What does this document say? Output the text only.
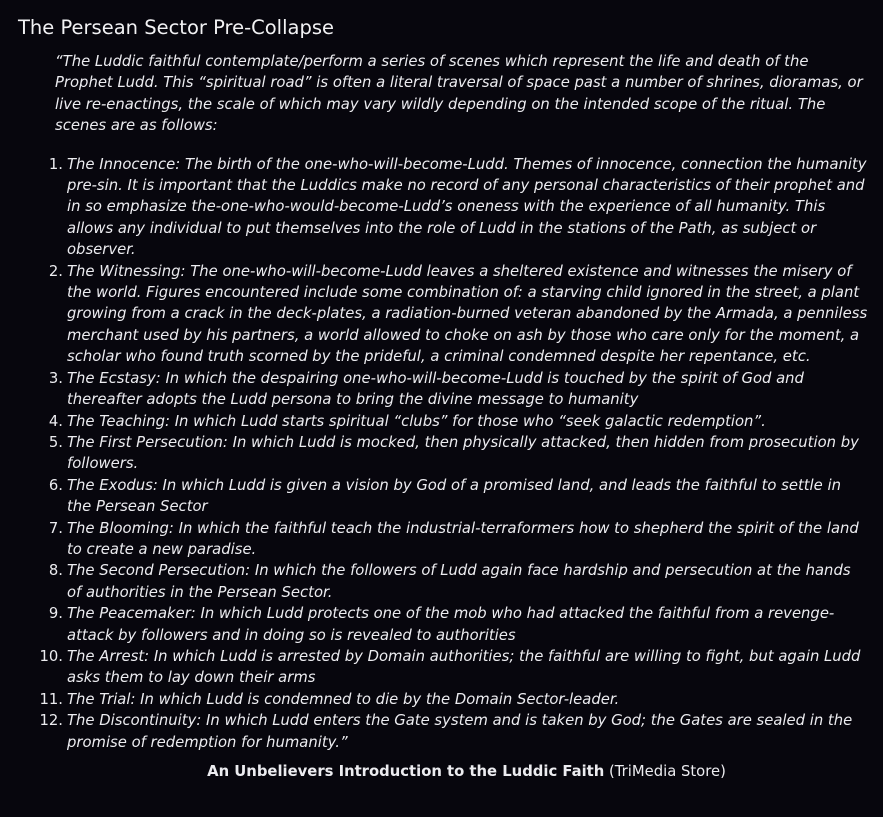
The Persean Sector Pre-Collapse

“The Luddic faithful contemplate/perform a series of scenes which represent the life and death of the Prophet Ludd. This “spiritual road” is often a literal traversal of space past a number of shrines, dioramas, or live re-enactings, the scale of which may vary wildly depending on the intended scope of the ritual. The scenes are as follows:

1. The Innocence: The birth of the one-who-will-become-Ludd. Themes of innocence, connection the humanity pre-sin. It is important that the Luddics make no record of any personal characteristics of their prophet and in so emphasize the-one-who-would-become-Ludd’s oneness with the experience of all humanity. This allows any individual to put themselves into the role of Ludd in the stations of the Path, as subject or observer.
2. The Witnessing: The one-who-will-become-Ludd leaves a sheltered existence and witnesses the misery of the world. Figures encountered include some combination of: a starving child ignored in the street, a plant growing from a crack in the deck-plates, a radiation-burned veteran abandoned by the Armada, a penniless merchant used by his partners, a world allowed to choke on ash by those who care only for the moment, a scholar who found truth scorned by the prideful, a criminal condemned despite her repentance, etc.
3. The Ecstasy: In which the despairing one-who-will-become-Ludd is touched by the spirit of God and thereafter adopts the Ludd persona to bring the divine message to humanity
4. The Teaching: In which Ludd starts spiritual “clubs” for those who “seek galactic redemption”.
5. The First Persecution: In which Ludd is mocked, then physically attacked, then hidden from prosecution by followers.
6. The Exodus: In which Ludd is given a vision by God of a promised land, and leads the faithful to settle in the Persean Sector
7. The Blooming: In which the faithful teach the industrial-terraformers how to shepherd the spirit of the land to create a new paradise.
8. The Second Persecution: In which the followers of Ludd again face hardship and persecution at the hands of authorities in the Persean Sector.
9. The Peacemaker: In which Ludd protects one of the mob who had attacked the faithful from a revenge-attack by followers and in doing so is revealed to authorities
10. The Arrest: In which Ludd is arrested by Domain authorities; the faithful are willing to fight, but again Ludd asks them to lay down their arms
11. The Trial: In which Ludd is condemned to die by the Domain Sector-leader.
12. The Discontinuity: In which Ludd enters the Gate system and is taken by God; the Gates are sealed in the promise of redemption for humanity.”

An Unbelievers Introduction to the Luddic Faith (TriMedia Store)
